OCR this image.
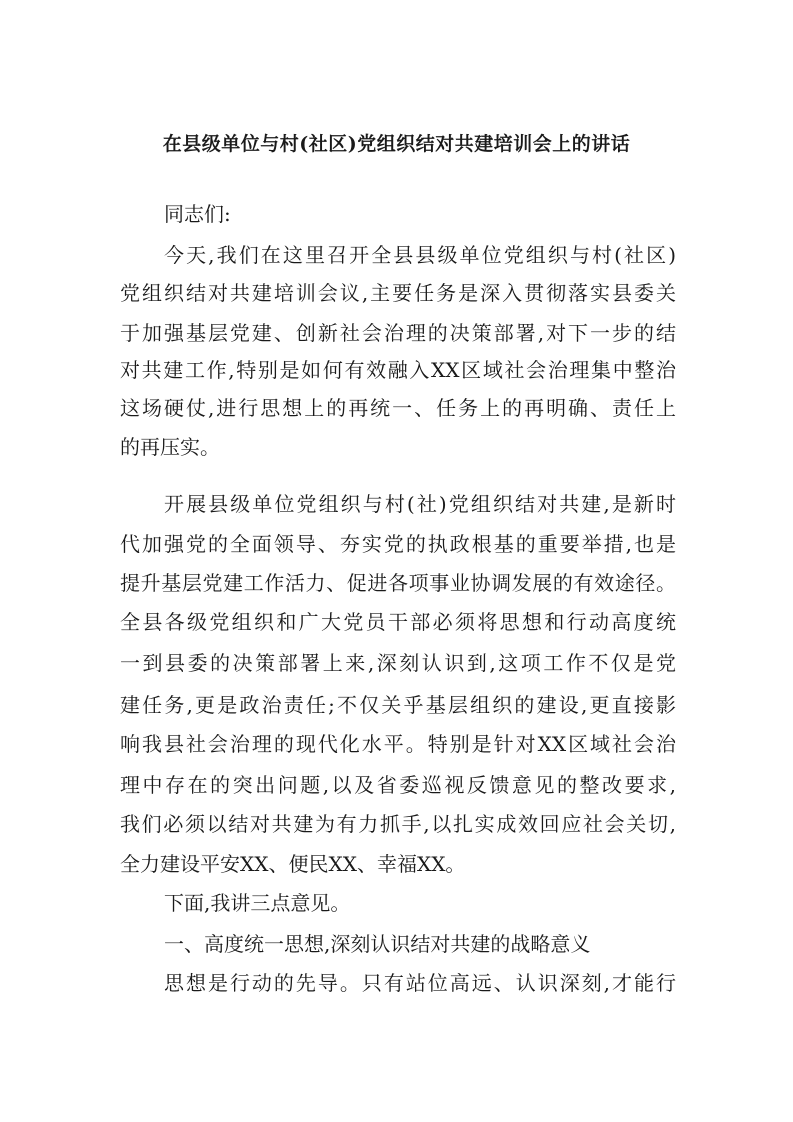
在县级单位与村(社区)党组织结对共建培训会上的讲话

同志们:

今天,我们在这里召开全县县级单位党组织与村(社区)

党组织结对共建培训会议,主要任务是深入贯彻落实县委关

于加强基层党建、创新社会治理的决策部署,对下一步的结

对共建工作,特别是如何有效融入XX区域社会治理集中整治

这场硬仗,进行思想上的再统一、任务上的再明确、责任上

的再压实。

开展县级单位党组织与村(社)党组织结对共建,是新时

代加强党的全面领导、夯实党的执政根基的重要举措,也是

提升基层党建工作活力、促进各项事业协调发展的有效途径。

全县各级党组织和广大党员干部必须将思想和行动高度统

一到县委的决策部署上来,深刻认识到,这项工作不仅是党

建任务,更是政治责任;不仅关乎基层组织的建设,更直接影

响我县社会治理的现代化水平。特别是针对XX区域社会治

理中存在的突出问题,以及省委巡视反馈意见的整改要求,

我们必须以结对共建为有力抓手,以扎实成效回应社会关切,

全力建设平安XX、便民XX、幸福XX。

下面,我讲三点意见。

一、高度统一思想,深刻认识结对共建的战略意义

思想是行动的先导。只有站位高远、认识深刻,才能行
